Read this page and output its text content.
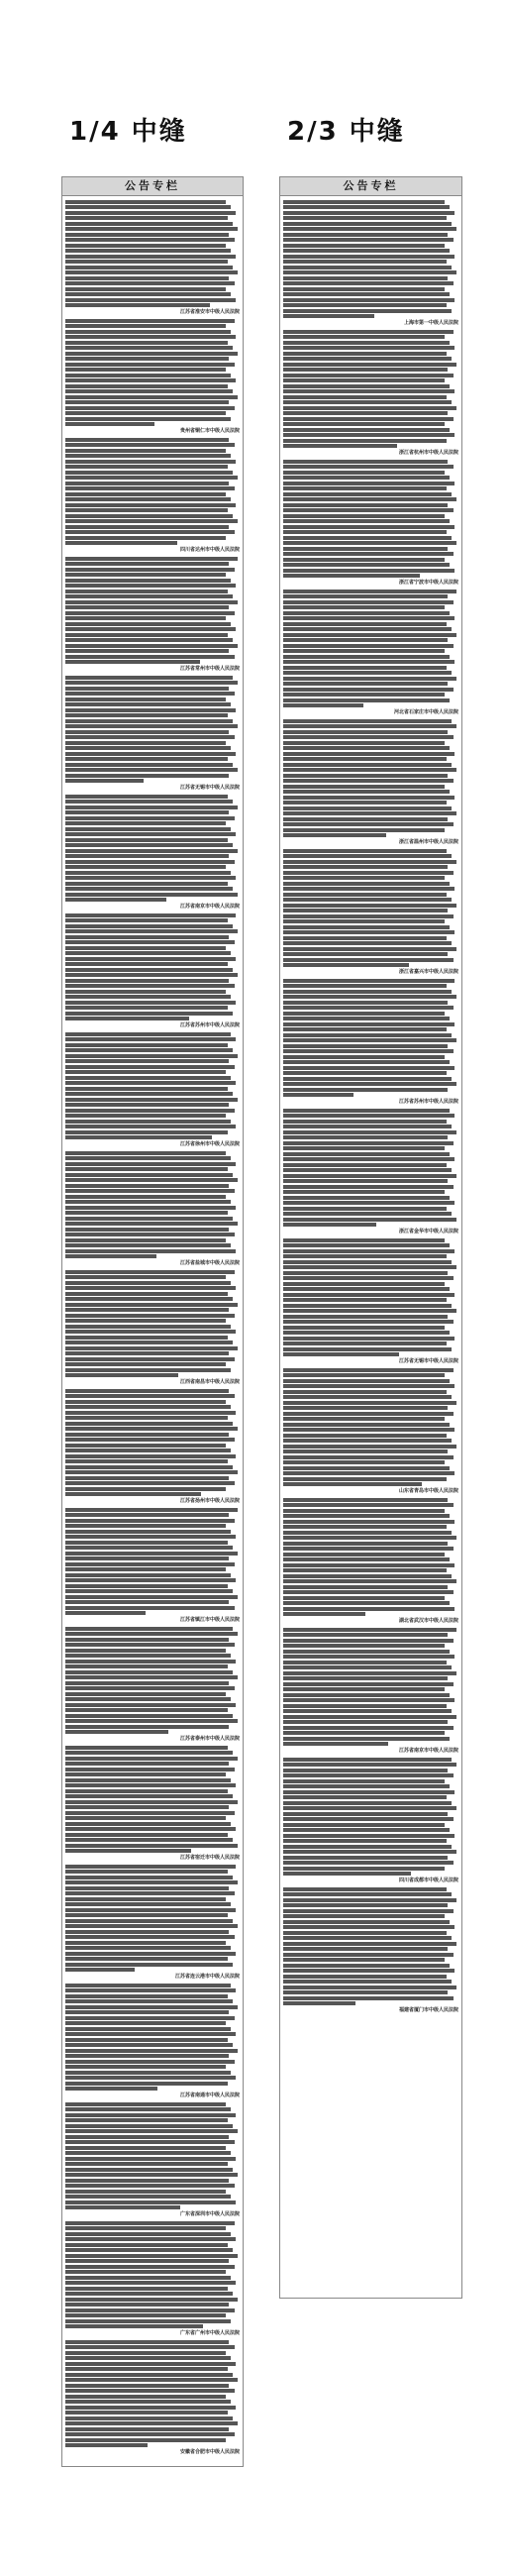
1/4 中缝	2/3 中缝
公告专栏
江苏省淮安市中级人民法院
贵州省铜仁市中级人民法院
四川省达州市中级人民法院
江苏省常州市中级人民法院
江苏省无锡市中级人民法院
江苏省南京市中级人民法院
江苏省苏州市中级人民法院
江苏省徐州市中级人民法院
江苏省盐城市中级人民法院
江西省南昌市中级人民法院
江苏省扬州市中级人民法院
江苏省镇江市中级人民法院
江苏省泰州市中级人民法院
江苏省宿迁市中级人民法院
江苏省连云港市中级人民法院
江苏省南通市中级人民法院
广东省深圳市中级人民法院
广东省广州市中级人民法院
安徽省合肥市中级人民法院
公告专栏
上海市第一中级人民法院
浙江省杭州市中级人民法院
浙江省宁波市中级人民法院
河北省石家庄市中级人民法院
浙江省温州市中级人民法院
浙江省嘉兴市中级人民法院
江苏省苏州市中级人民法院
浙江省金华市中级人民法院
江苏省无锡市中级人民法院
山东省青岛市中级人民法院
湖北省武汉市中级人民法院
江苏省南京市中级人民法院
四川省成都市中级人民法院
福建省厦门市中级人民法院
